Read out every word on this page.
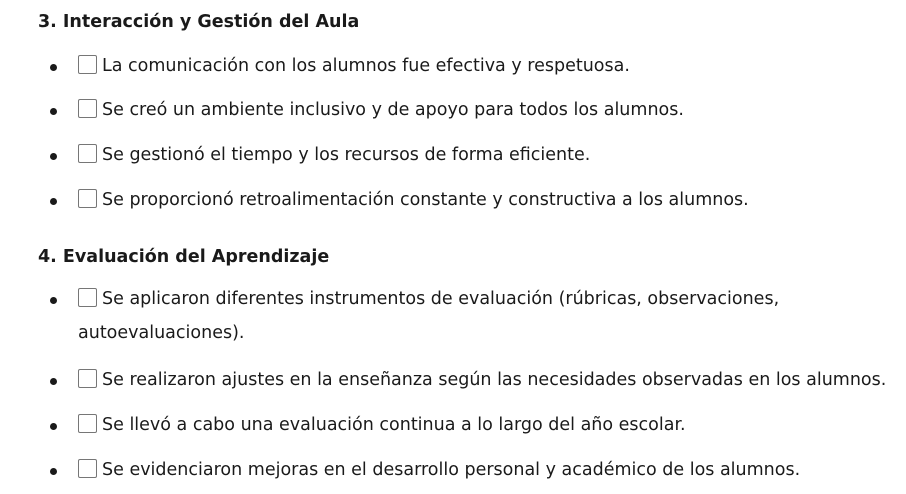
3. Interacción y Gestión del Aula
La comunicación con los alumnos fue efectiva y respetuosa.
Se creó un ambiente inclusivo y de apoyo para todos los alumnos.
Se gestionó el tiempo y los recursos de forma eficiente.
Se proporcionó retroalimentación constante y constructiva a los alumnos.
4. Evaluación del Aprendizaje
Se aplicaron diferentes instrumentos de evaluación (rúbricas, observaciones, autoevaluaciones).
Se realizaron ajustes en la enseñanza según las necesidades observadas en los alumnos.
Se llevó a cabo una evaluación continua a lo largo del año escolar.
Se evidenciaron mejoras en el desarrollo personal y académico de los alumnos.
